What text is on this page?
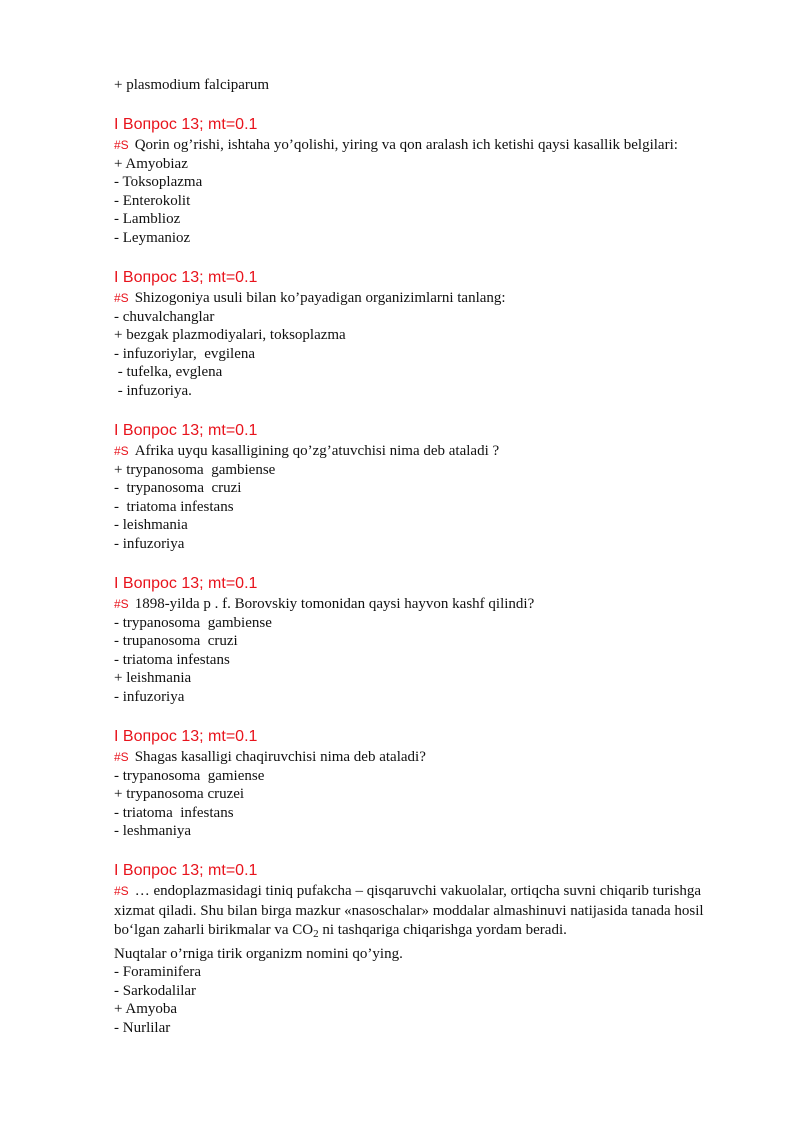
+ plasmodium falciparum
I Вопрос 13; mt=0.1
#S Qorin og’rishi, ishtaha yo’qolishi, yiring va qon aralash ich ketishi qaysi kasallik belgilari:
+ Amyobiaz
- Toksoplazma
- Enterokolit
- Lamblioz
- Leymanioz
I Вопрос 13; mt=0.1
#S Shizogoniya usuli bilan ko’payadigan organizimlarni tanlang:
- chuvalchanglar
+ bezgak plazmodiyalari, toksoplazma
- infuzoriylar,  evgilena
- tufelka, evglena
- infuzoriya.
I Вопрос 13; mt=0.1
#S Afrika uyqu kasalligining qo’zg’atuvchisi nima deb ataladi ?
+ trypanosoma  gambiense
-  trypanosoma  cruzi
-  triatoma infestans
- leishmania
- infuzoriya
I Вопрос 13; mt=0.1
#S 1898-yilda p . f. Borovskiy tomonidan qaysi hayvon kashf qilindi?
- trypanosoma  gambiense
- trupanosoma  cruzi
- triatoma infestans
+ leishmania
- infuzoriya
I Вопрос 13; mt=0.1
#S Shagas kasalligi chaqiruvchisi nima deb ataladi?
- trypanosoma  gamiense
+ trypanosoma cruzei
- triatoma  infestans
- leshmaniya
I Вопрос 13; mt=0.1
#S … endoplazmasidagi tiniq pufakcha – qisqaruvchi vakuolalar, ortiqcha suvni chiqarib turishga xizmat qiladi. Shu bilan birga mazkur «nasoschalar» moddalar almashinuvi natijasida tanada hosil bo‘lgan zaharli birikmalar va $CO_2$ ni tashqariga chiqarishga yordam beradi.
Nuqtalar o’rniga tirik organizm nomini qo’ying.
- Foraminifera
- Sarkodalilar
+ Amyoba
- Nurlilar
